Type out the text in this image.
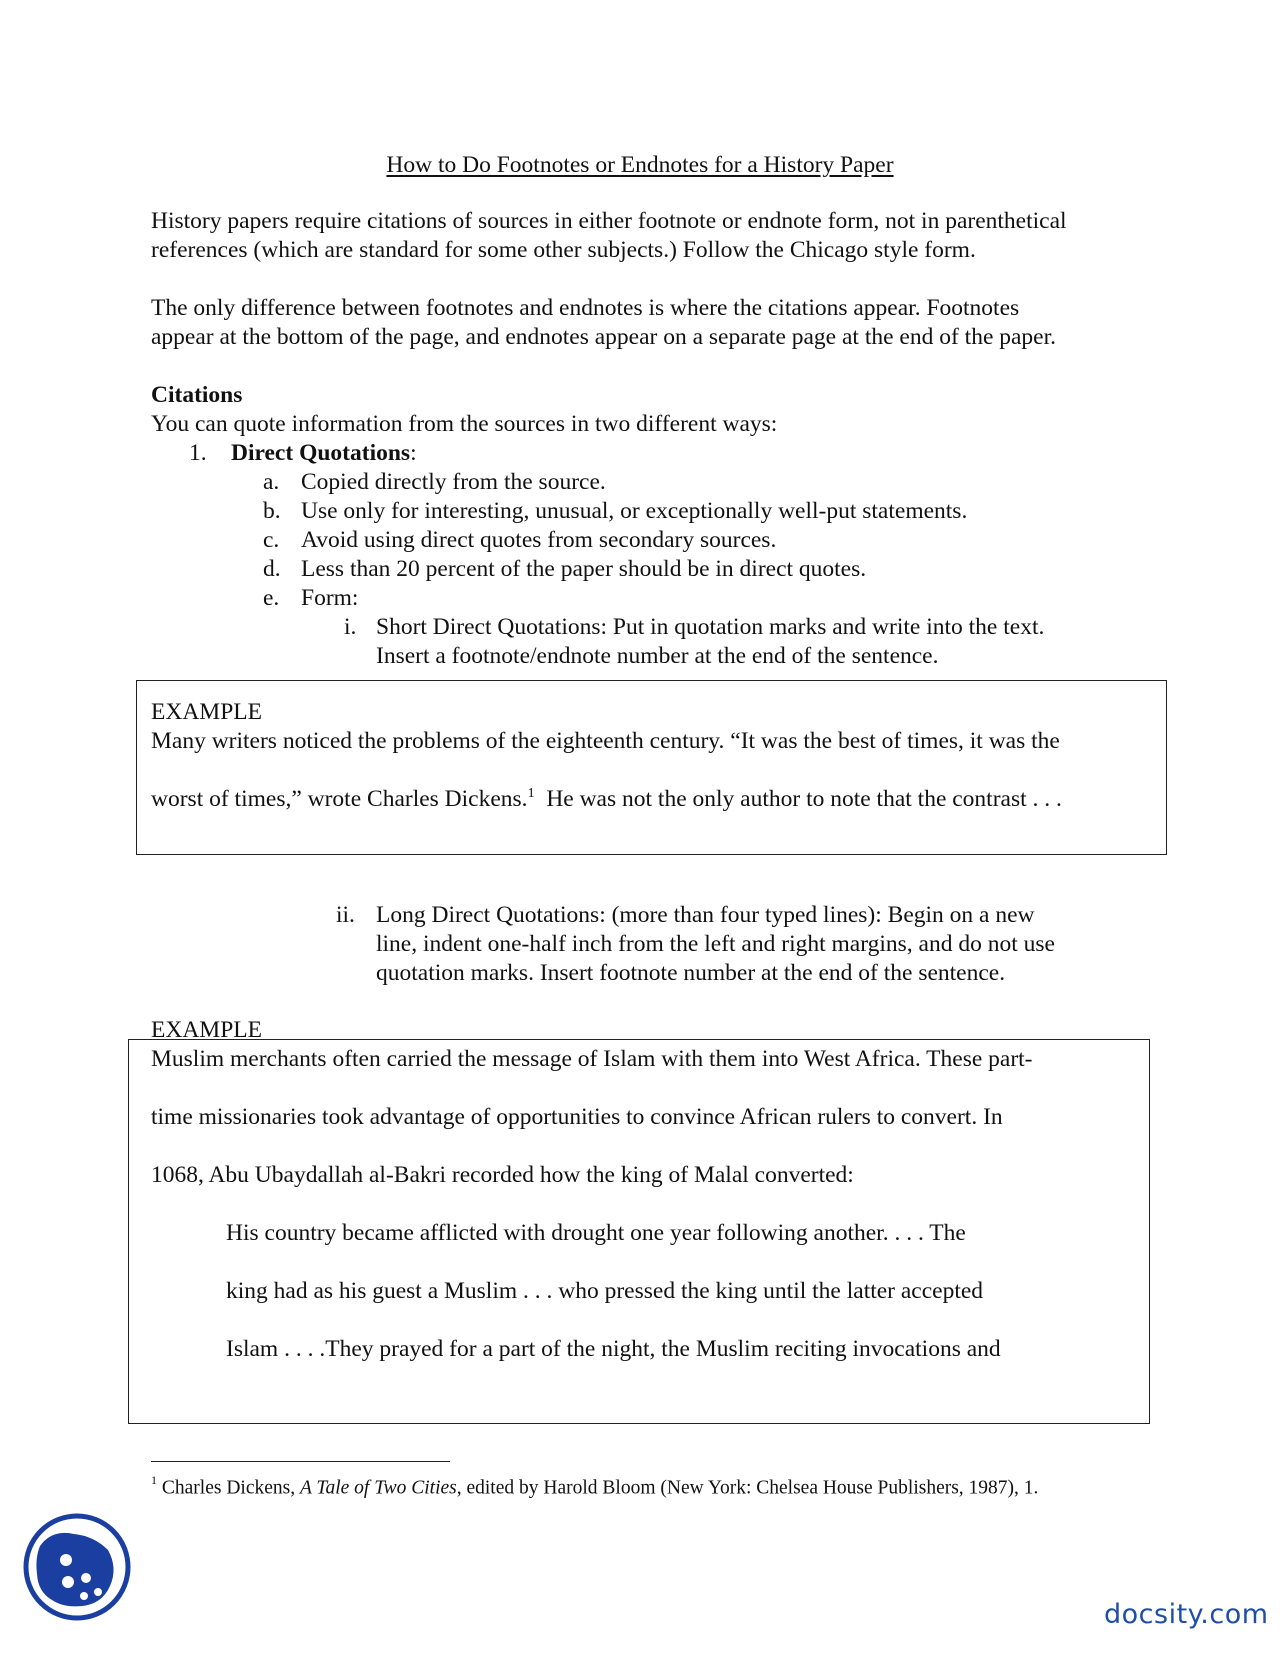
How to Do Footnotes or Endnotes for a History Paper
History papers require citations of sources in either footnote or endnote form, not in parenthetical
references (which are standard for some other subjects.) Follow the Chicago style form.
The only difference between footnotes and endnotes is where the citations appear. Footnotes
appear at the bottom of the page, and endnotes appear on a separate page at the end of the paper.
Citations
You can quote information from the sources in two different ways:
1. Direct Quotations:
a. Copied directly from the source.
b. Use only for interesting, unusual, or exceptionally well-put statements.
c. Avoid using direct quotes from secondary sources.
d. Less than 20 percent of the paper should be in direct quotes.
e. Form:
i. Short Direct Quotations: Put in quotation marks and write into the text.
Insert a footnote/endnote number at the end of the sentence.
EXAMPLE
Many writers noticed the problems of the eighteenth century. “It was the best of times, it was the
worst of times,” wrote Charles Dickens.$^1$ He was not the only author to note that the contrast . . .
ii. Long Direct Quotations: (more than four typed lines): Begin on a new
line, indent one-half inch from the left and right margins, and do not use
quotation marks. Insert footnote number at the end of the sentence.
EXAMPLE
Muslim merchants often carried the message of Islam with them into West Africa. These part-
time missionaries took advantage of opportunities to convince African rulers to convert. In
1068, Abu Ubaydallah al-Bakri recorded how the king of Malal converted:
His country became afflicted with drought one year following another. . . . The
king had as his guest a Muslim . . . who pressed the king until the latter accepted
Islam . . . .They prayed for a part of the night, the Muslim reciting invocations and
$^1$ Charles Dickens, A Tale of Two Cities, edited by Harold Bloom (New York: Chelsea House Publishers, 1987), 1.
docsity.com
